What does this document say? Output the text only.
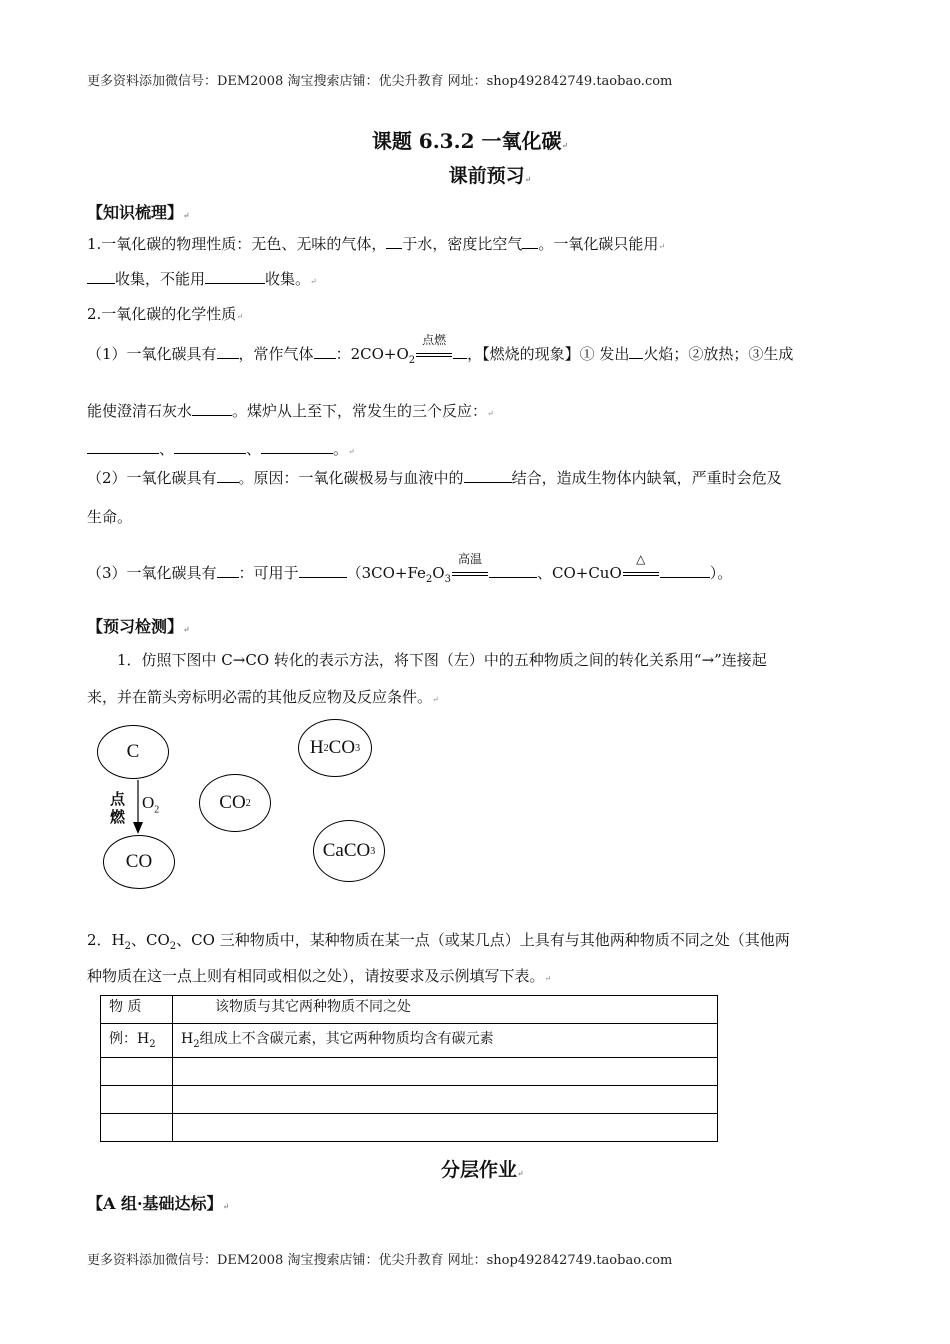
更多资料添加微信号：DEM2008 淘宝搜索店铺：优尖升教育 网址：shop492842749.taobao.com
更多资料添加微信号：DEM2008 淘宝搜索店铺：优尖升教育 网址：shop492842749.taobao.com
课题 6.3.2 一氧化碳↵
课前预习↵
【知识梳理】↵
1.一氧化碳的物理性质：无色、无味的气体， 于水，密度比空气 。一氧化碳只能用↵
收集，不能用	收集。↵
2.一氧化碳的化学性质↵
（1）一氧化碳具有 ，常作气体 ：$2CO+O_2$
点燃
，【燃烧的现象】① 发出 火焰；②放热；③生成
能使澄清石灰水	。煤炉从上至下，常发生的三个反应：↵
、	、	。↵
（2）一氧化碳具有 。原因：一氧化碳极易与血液中的	结合，造成生物体内缺氧，严重时会危及
生命。
（3）一氧化碳具有 ：可用于	（$3CO+Fe_2O_3$
高温
、CO+CuO
△
）。
【预习检测】↵
1．仿照下图中 C→CO 转化的表示方法，将下图（左）中的五种物质之间的转化关系用“→”连接起
来，并在箭头旁标明必需的其他反应物及反应条件。↵
C
CO
CO 2
H 2 CO 3
CaCO 3
点
燃
$O_2$
2．$H_2$、$CO_2$、CO 三种物质中，某种物质在某一点（或某几点）上具有与其他两种物质不同之处（其他两
种物质在这一点上则有相同或相似之处），请按要求及示例填写下表。↵
物 质	该物质与其它两种物质不同之处
例：$H_2$	$H_2$组成上不含碳元素，其它两种物质均含有碳元素

分层作业↵
【A 组·基础达标】↵
